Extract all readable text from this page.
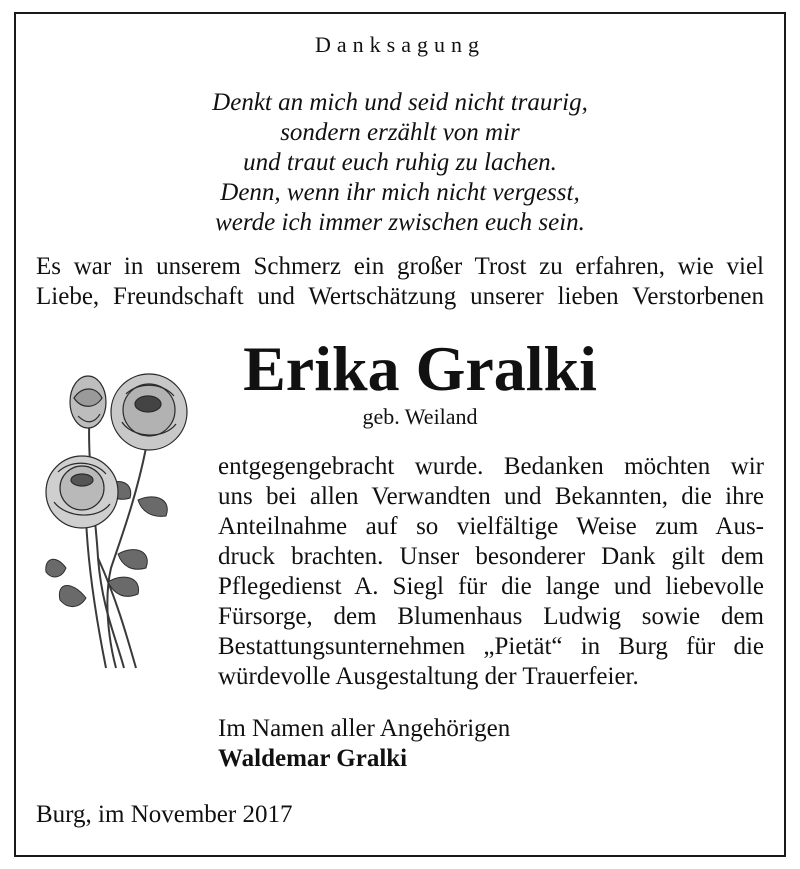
Danksagung
Denkt an mich und seid nicht traurig,
sondern erzählt von mir
und traut euch ruhig zu lachen.
Denn, wenn ihr mich nicht vergesst,
werde ich immer zwischen euch sein.
Es war in unserem Schmerz ein großer Trost zu erfahren, wie viel
Liebe, Freundschaft und Wertschätzung unserer lieben Verstorbenen
Erika Gralki
geb. Weiland
entgegengebracht wurde. Bedanken möchten wir
uns bei allen Verwandten und Bekannten, die ihre
Anteilnahme auf so vielfältige Weise zum Aus-
druck brachten. Unser besonderer Dank gilt dem
Pflegedienst A. Siegl für die lange und liebevolle
Fürsorge, dem Blumenhaus Ludwig sowie dem
Bestattungsunternehmen „Pietät“ in Burg für die
würdevolle Ausgestaltung der Trauerfeier.
Im Namen aller Angehörigen
Waldemar Gralki
Burg, im November 2017
